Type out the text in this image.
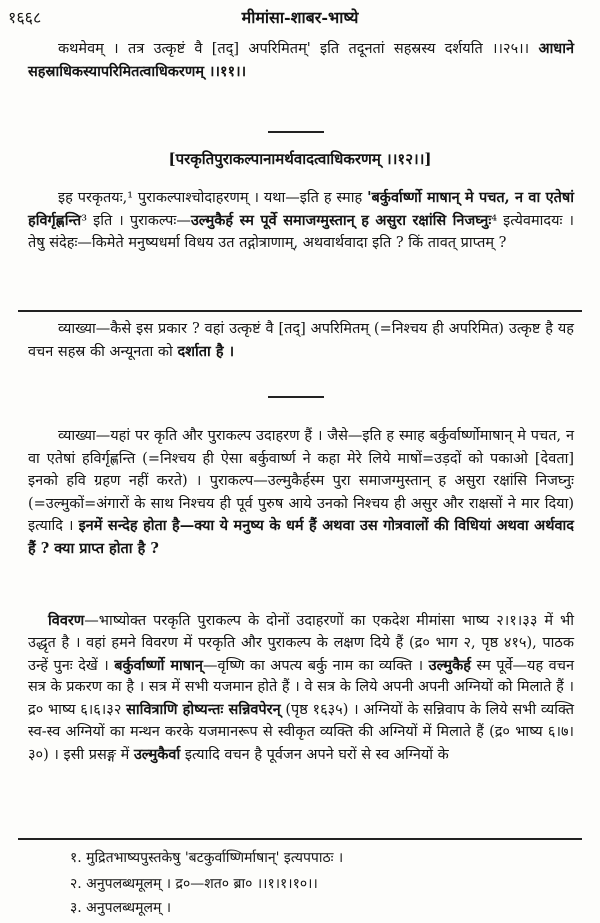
१६६८	मीमांसा-शाबर-भाष्ये
कथमेवम् । तत्र उत्कृष्टं वै [तद्] अपरिमितम्' इति तदूनतां सहस्रस्य दर्शयति ।।२५।। आधाने सहस्राधिकस्यापरिमितत्वाधिकरणम् ।।११।।
[परकृतिपुराकल्पानामर्थवादत्वाधिकरणम् ।।१२।।]
इह परकृतयः,¹ पुराकल्पाश्चोदाहरणम् । यथा—इति ह स्माह 'बर्कुर्वार्ष्णो माषान् मे पचत, न वा एतेषां हविर्गृह्णन्ति³ इति । पुराकल्पः—उल्मुकैर्ह स्म पूर्वे समाजग्मुस्तान् ह असुरा रक्षांसि निजघ्नुः⁴ इत्येवमादयः । तेषु संदेहः—किमेते मनुष्यधर्मा विधय उत तद्गोत्राणाम्, अथवार्थवादा इति ? किं तावत् प्राप्तम् ?
व्याख्या—कैसे इस प्रकार ? वहां उत्कृष्टं वै [तद्] अपरिमितम् (=निश्चय ही अपरिमित) उत्कृष्ट है यह वचन सहस्र की अन्यूनता को दर्शाता है ।
व्याख्या—यहां पर कृति और पुराकल्प उदाहरण हैं । जैसे—इति ह स्माह बर्कुर्वार्ष्णोमाषान् मे पचत, न वा एतेषां हविर्गृह्णन्ति (=निश्चय ही ऐसा बर्कुवार्ष्ण ने कहा मेरे लिये माषों=उड़दों को पकाओ [देवता] इनको हवि ग्रहण नहीं करते) । पुराकल्प—उल्मुकैर्हस्म पुरा समाजग्मुस्तान् ह असुरा रक्षांसि निजघ्नुः (=उल्मुकों=अंगारों के साथ निश्चय ही पूर्व पुरुष आये उनको निश्चय ही असुर और राक्षसों ने मार दिया) इत्यादि । इनमें सन्देह होता है—क्या ये मनुष्य के धर्म हैं अथवा उस गोत्रवालों की विधियां अथवा अर्थवाद हैं ? क्या प्राप्त होता है ?
विवरण—भाष्योक्त परकृति पुराकल्प के दोनों उदाहरणों का एकदेश मीमांसा भाष्य २।१।३३ में भी उद्धृत है । वहां हमने विवरण में परकृति और पुराकल्प के लक्षण दिये हैं (द्र० भाग २, पृष्ठ ४१५), पाठक उन्हें पुनः देखें । बर्कुर्वार्ष्णो माषान्—वृष्णि का अपत्य बर्कु नाम का व्यक्ति । उल्मुकैर्ह स्म पूर्वे—यह वचन सत्र के प्रकरण का है । सत्र में सभी यजमान होते हैं । वे सत्र के लिये अपनी अपनी अग्नियों को मिलाते हैं । द्र० भाष्य ६।६।३२ सावित्राणि होष्यन्तः सन्निवपेरन् (पृष्ठ १६३५) । अग्नियों के सन्निवाप के लिये सभी व्यक्ति स्व-स्व अग्नियों का मन्थन करके यजमानरूप से स्वीकृत व्यक्ति की अग्नियों में मिलाते हैं (द्र० भाष्य ६।७।३०) । इसी प्रसङ्ग में उल्मुकैर्वा इत्यादि वचन है पूर्वजन अपने घरों से स्व अग्नियों के
१. मुद्रितभाष्यपुस्तकेषु 'बटकुर्वाष्णिर्माषान्' इत्यपपाठः ।
२. अनुपलब्धमूलम् । द्र०—शत० ब्रा० ।।१।१।१०।।
३. अनुपलब्धमूलम् ।
